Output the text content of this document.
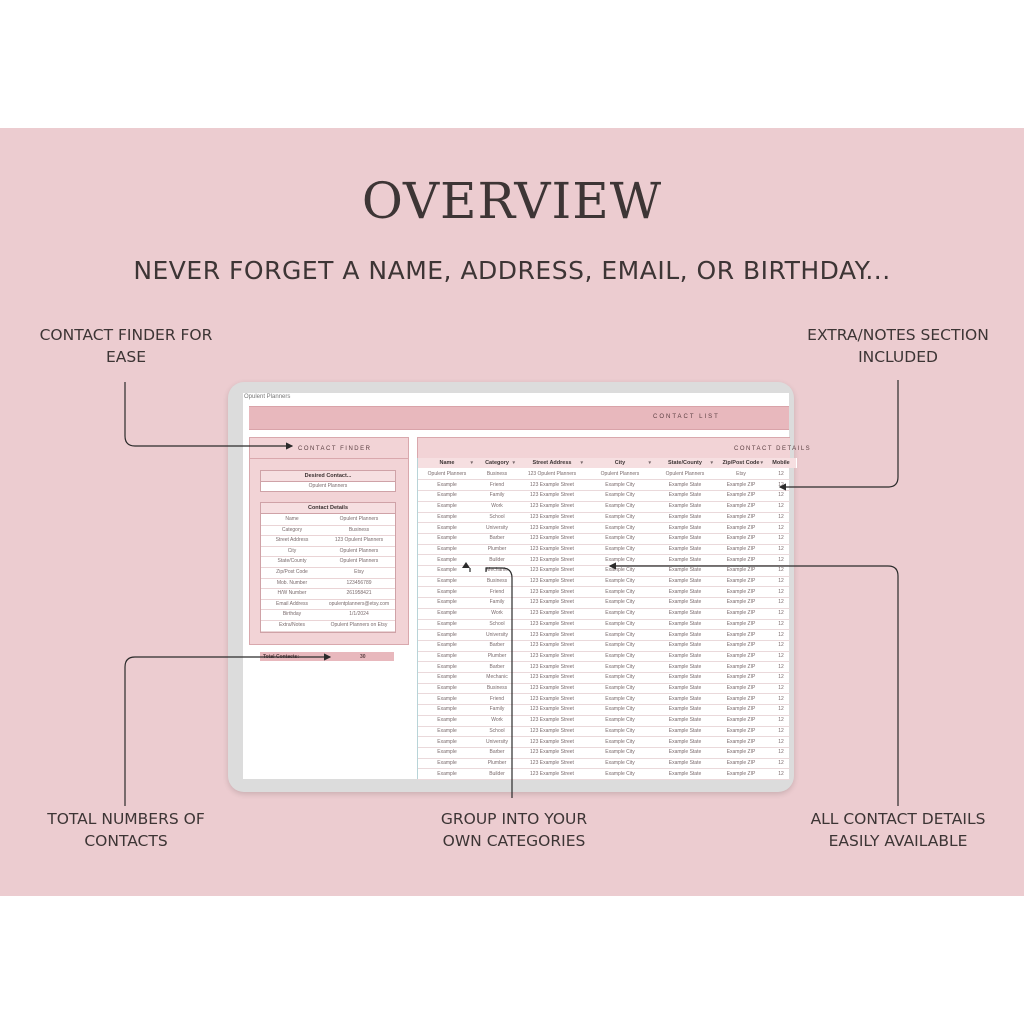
OVERVIEW
NEVER FORGET A NAME, ADDRESS, EMAIL, OR BIRTHDAY...
CONTACT FINDER FOR
EASE
EXTRA/NOTES SECTION
INCLUDED
TOTAL NUMBERS OF
CONTACTS
GROUP INTO YOUR
OWN CATEGORIES
ALL CONTACT DETAILS
EASILY AVAILABLE
Opulent Planners
CONTACT LIST
CONTACT FINDER
Desired Contact...
Opulent Planners
Contact Details
Name	Opulent Planners
Category	Business
Street Address	123 Opulent Planners
City	Opulent Planners
State/County	Opulent Planners
Zip/Post Code	Etsy
Mob. Number	123456789
H/W Number	261958421
Email Address	opulentplanners@etsy.com
Birthday	1/1/2024
Extra/Notes	Opulent Planners on Etsy
Total Contacts:	30
CONTACT DETAILS
Name	▾	Category ▾	Street Address ▾	City	▾	State/County ▾	Zip/Post Code ▾	Mobile
Opulent Planners	Business	123 Opulent Planners	Opulent Planners	Opulent Planners	Etsy	12
Example	Friend	123 Example Street	Example City	Example State	Example ZIP	12
Example	Family	123 Example Street	Example City	Example State	Example ZIP	12
Example	Work	123 Example Street	Example City	Example State	Example ZIP	12
Example	School	123 Example Street	Example City	Example State	Example ZIP	12
Example	University	123 Example Street	Example City	Example State	Example ZIP	12
Example	Barber	123 Example Street	Example City	Example State	Example ZIP	12
Example	Plumber	123 Example Street	Example City	Example State	Example ZIP	12
Example	Builder	123 Example Street	Example City	Example State	Example ZIP	12
Example	Mechanic	123 Example Street	Example City	Example State	Example ZIP	12
Example	Business	123 Example Street	Example City	Example State	Example ZIP	12
Example	Friend	123 Example Street	Example City	Example State	Example ZIP	12
Example	Family	123 Example Street	Example City	Example State	Example ZIP	12
Example	Work	123 Example Street	Example City	Example State	Example ZIP	12
Example	School	123 Example Street	Example City	Example State	Example ZIP	12
Example	University	123 Example Street	Example City	Example State	Example ZIP	12
Example	Barber	123 Example Street	Example City	Example State	Example ZIP	12
Example	Plumber	123 Example Street	Example City	Example State	Example ZIP	12
Example	Barber	123 Example Street	Example City	Example State	Example ZIP	12
Example	Mechanic	123 Example Street	Example City	Example State	Example ZIP	12
Example	Business	123 Example Street	Example City	Example State	Example ZIP	12
Example	Friend	123 Example Street	Example City	Example State	Example ZIP	12
Example	Family	123 Example Street	Example City	Example State	Example ZIP	12
Example	Work	123 Example Street	Example City	Example State	Example ZIP	12
Example	School	123 Example Street	Example City	Example State	Example ZIP	12
Example	University	123 Example Street	Example City	Example State	Example ZIP	12
Example	Barber	123 Example Street	Example City	Example State	Example ZIP	12
Example	Plumber	123 Example Street	Example City	Example State	Example ZIP	12
Example	Builder	123 Example Street	Example City	Example State	Example ZIP	12
